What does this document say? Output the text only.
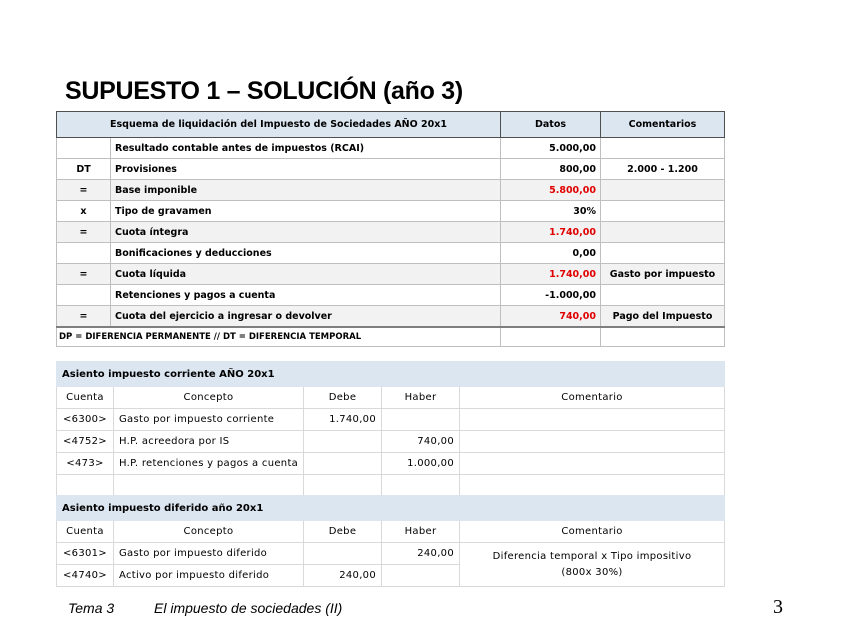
SUPUESTO 1 – SOLUCIÓN (año 3)
Esquema de liquidación del Impuesto de Sociedades AÑO 20x1		Datos	Comentarios
	Resultado contable antes de impuestos (RCAI)	5.000,00	
DT	Provisiones	800,00	2.000 - 1.200
=	Base imponible	5.800,00	
x	Tipo de gravamen	30%	
=	Cuota íntegra	1.740,00	
	Bonificaciones y deducciones	0,00	
=	Cuota líquida	1.740,00	Gasto por impuesto
	Retenciones y pagos a cuenta	-1.000,00	
=	Cuota del ejercicio a ingresar o devolver	740,00	Pago del Impuesto
DP = DIFERENCIA PERMANENTE // DT = DIFERENCIA TEMPORAL			
Asiento impuesto corriente AÑO 20x1				
Cuenta	Concepto	Debe	Haber	Comentario
<6300>	Gasto por impuesto corriente	1.740,00		
<4752>	H.P. acreedora por IS		740,00	
<473>	H.P. retenciones y pagos a cuenta		1.000,00	

Asiento impuesto diferido año 20x1				
Cuenta	Concepto	Debe	Haber	Comentario
<6301>	Gasto por impuesto diferido		240,00	Diferencia temporal x Tipo impositivo
(800x 30%)

<4740>	Activo por impuesto diferido	240,00		
Tema 3	El impuesto de sociedades (II)	3
